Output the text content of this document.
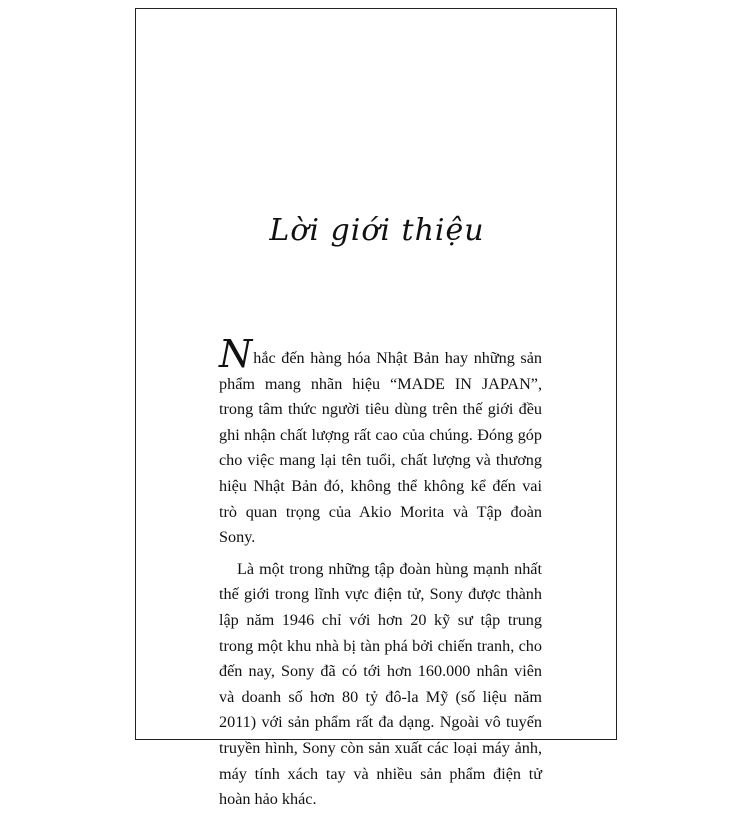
Lời giới thiệu

Nhắc đến hàng hóa Nhật Bản hay những sản phẩm mang nhãn hiệu “MADE IN JAPAN”, trong tâm thức người tiêu dùng trên thế giới đều ghi nhận chất lượng rất cao của chúng. Đóng góp cho việc mang lại tên tuổi, chất lượng và thương hiệu Nhật Bản đó, không thể không kể đến vai trò quan trọng của Akio Morita và Tập đoàn Sony.

Là một trong những tập đoàn hùng mạnh nhất thế giới trong lĩnh vực điện tử, Sony được thành lập năm 1946 chỉ với hơn 20 kỹ sư tập trung trong một khu nhà bị tàn phá bởi chiến tranh, cho đến nay, Sony đã có tới hơn 160.000 nhân viên và doanh số hơn 80 tỷ đô-la Mỹ (số liệu năm 2011) với sản phẩm rất đa dạng. Ngoài vô tuyến truyền hình, Sony còn sản xuất các loại máy ảnh, máy tính xách tay và nhiều sản phẩm điện tử hoàn hảo khác.
